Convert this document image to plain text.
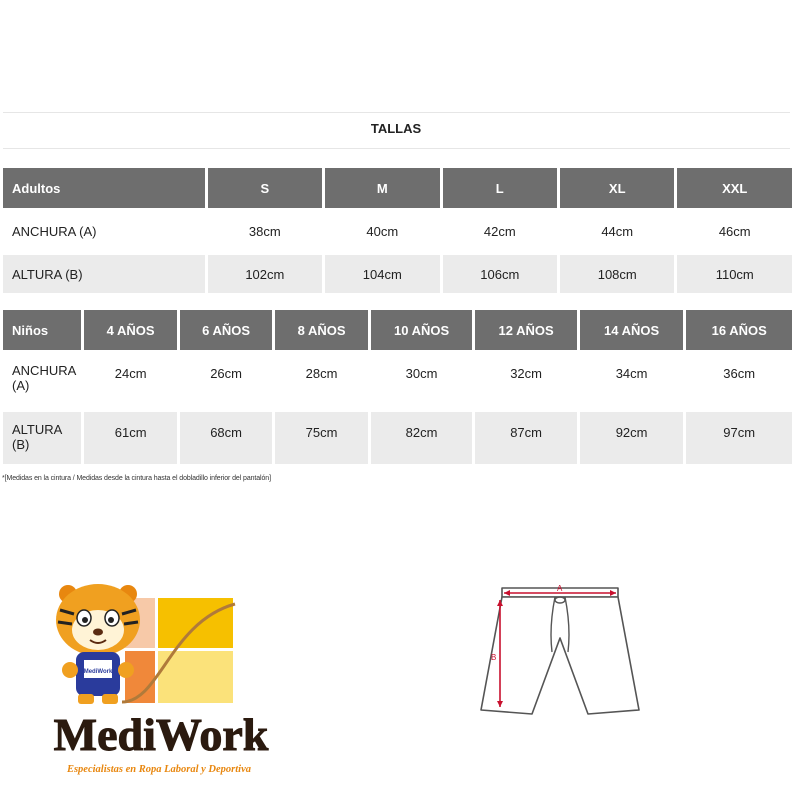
TALLAS
Adultos	S	M	L	XL	XXL
ANCHURA (A)	38cm	40cm	42cm	44cm	46cm
ALTURA (B)	102cm	104cm	106cm	108cm	110cm
Niños	4 AÑOS	6 AÑOS	8 AÑOS	10 AÑOS	12 AÑOS	14 AÑOS	16 AÑOS
ANCHURA
(A)	24cm	26cm	28cm	30cm	32cm	34cm	36cm
ALTURA
(B)	61cm	68cm	75cm	82cm	87cm	92cm	97cm
*[Medidas en la cintura / Medidas desde la cintura hasta el dobladillo inferior del pantalón]
MediWork
MediWork
Especialistas en Ropa Laboral y Deportiva
A
B
